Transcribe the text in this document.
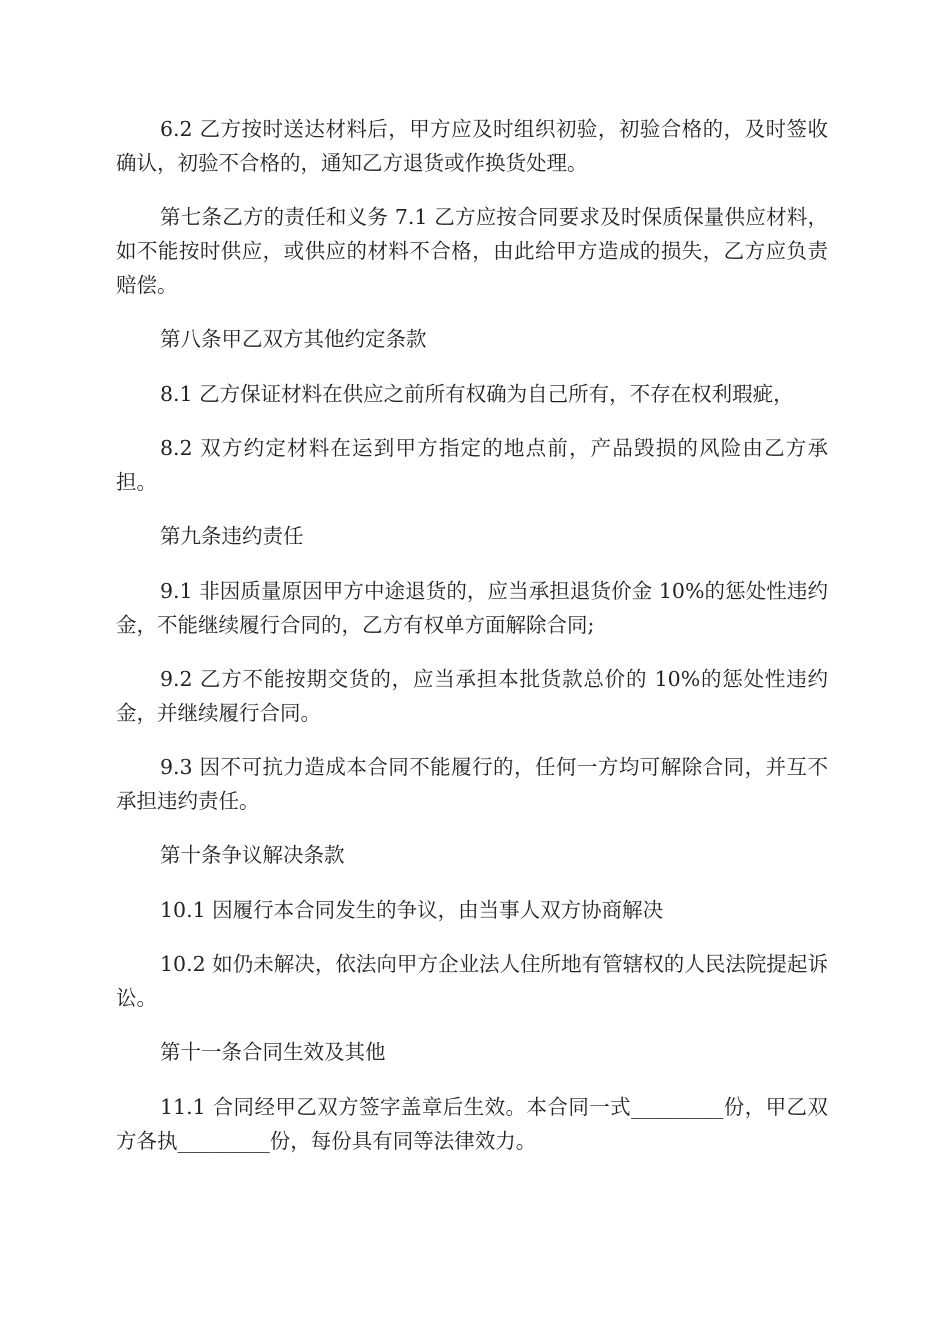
6.2 乙方按时送达材料后，甲方应及时组织初验，初验合格的，及时签收确认，初验不合格的，通知乙方退货或作换货处理。

第七条乙方的责任和义务 7.1 乙方应按合同要求及时保质保量供应材料，如不能按时供应，或供应的材料不合格，由此给甲方造成的损失，乙方应负责赔偿。

第八条甲乙双方其他约定条款

8.1 乙方保证材料在供应之前所有权确为自己所有，不存在权利瑕疵，

8.2 双方约定材料在运到甲方指定的地点前，产品毁损的风险由乙方承担。

第九条违约责任

9.1 非因质量原因甲方中途退货的，应当承担退货价金 10%的惩处性违约金，不能继续履行合同的，乙方有权单方面解除合同;

9.2 乙方不能按期交货的，应当承担本批货款总价的 10%的惩处性违约金，并继续履行合同。

9.3 因不可抗力造成本合同不能履行的，任何一方均可解除合同，并互不承担违约责任。

第十条争议解决条款

10.1 因履行本合同发生的争议，由当事人双方协商解决

10.2 如仍未解决，依法向甲方企业法人住所地有管辖权的人民法院提起诉讼。

第十一条合同生效及其他

11.1 合同经甲乙双方签字盖章后生效。本合同一式_________份，甲乙双方各执_________份，每份具有同等法律效力。
